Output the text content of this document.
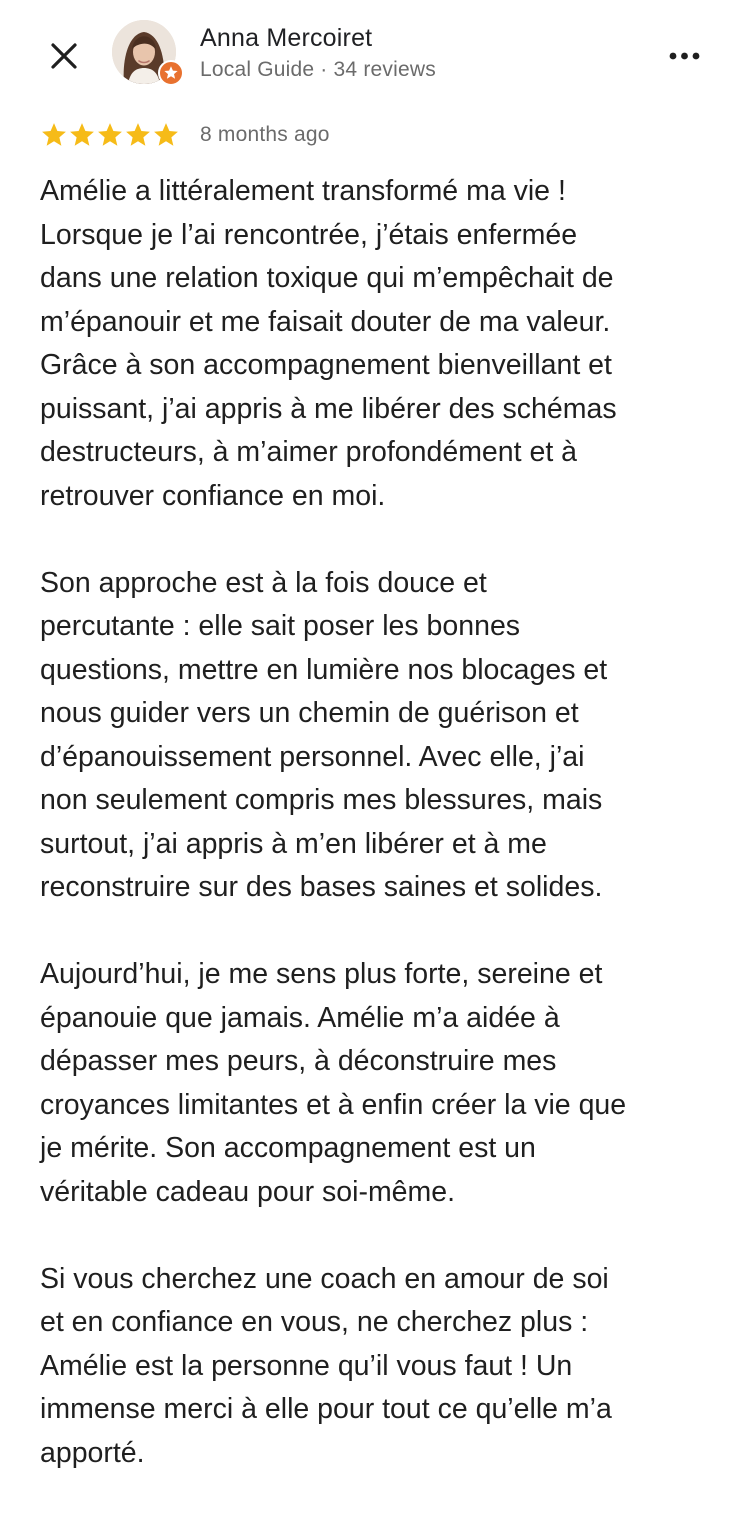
Anna Mercoiret
Local Guide · 34 reviews
8 months ago

Amélie a littéralement transformé ma vie !
Lorsque je l’ai rencontrée, j’étais enfermée
dans une relation toxique qui m’empêchait de
m’épanouir et me faisait douter de ma valeur.
Grâce à son accompagnement bienveillant et
puissant, j’ai appris à me libérer des schémas
destructeurs, à m’aimer profondément et à
retrouver confiance en moi.

Son approche est à la fois douce et
percutante : elle sait poser les bonnes
questions, mettre en lumière nos blocages et
nous guider vers un chemin de guérison et
d’épanouissement personnel. Avec elle, j’ai
non seulement compris mes blessures, mais
surtout, j’ai appris à m’en libérer et à me
reconstruire sur des bases saines et solides.

Aujourd’hui, je me sens plus forte, sereine et
épanouie que jamais. Amélie m’a aidée à
dépasser mes peurs, à déconstruire mes
croyances limitantes et à enfin créer la vie que
je mérite. Son accompagnement est un
véritable cadeau pour soi-même.

Si vous cherchez une coach en amour de soi
et en confiance en vous, ne cherchez plus :
Amélie est la personne qu’il vous faut ! Un
immense merci à elle pour tout ce qu’elle m’a
apporté.
